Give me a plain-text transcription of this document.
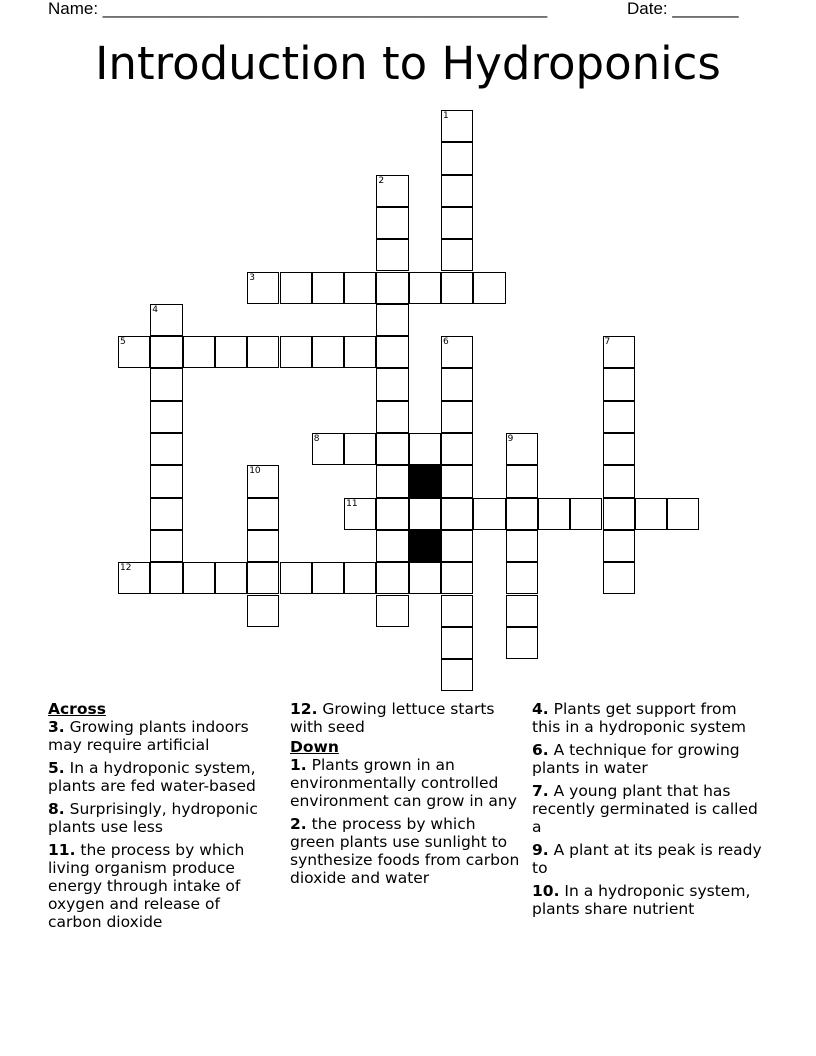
Name: _______________________________________________	Date: _______
Introduction to Hydroponics
1
2
3
4
5	6	7
8	9
10
11
12
Across
3. Growing plants indoors may require artificial
5. In a hydroponic system, plants are fed water-based
8. Surprisingly, hydroponic plants use less
11. the process by which living organism produce energy through intake of oxygen and release of carbon dioxide
12. Growing lettuce starts with seed
Down
1. Plants grown in an environmentally controlled environment can grow in any
2. the process by which green plants use sunlight to synthesize foods from carbon dioxide and water
4. Plants get support from this in a hydroponic system
6. A technique for growing plants in water
7. A young plant that has recently germinated is called a
9. A plant at its peak is ready to
10. In a hydroponic system, plants share nutrient
